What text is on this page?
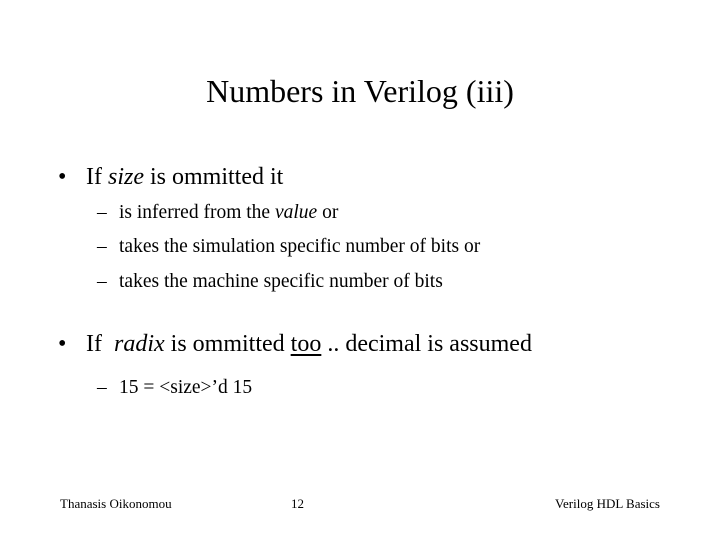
Numbers in Verilog (iii)
• If size is ommitted it
– is inferred from the value or
– takes the simulation specific number of bits or
– takes the machine specific number of bits
• If  radix is ommitted too .. decimal is assumed
– 15 = <size>’d 15
Thanasis Oikonomou	12	Verilog HDL Basics
